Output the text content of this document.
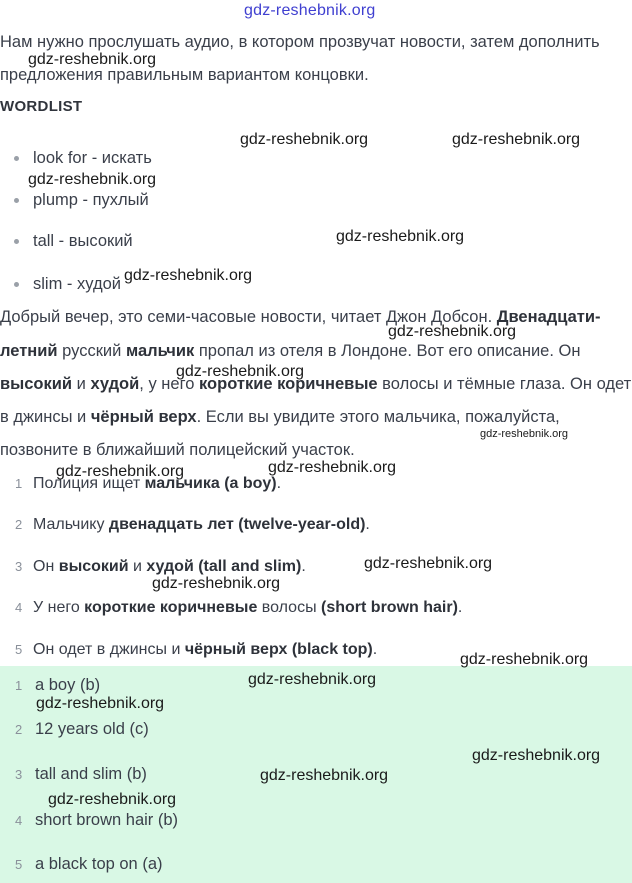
gdz-reshebnik.org
Нам нужно прослушать аудио, в котором прозвучат новости, затем дополнить
предложения правильным вариантом концовки.
WORDLIST
look for - искать
plump - пухлый
tall - высокий
slim - худой
Добрый вечер, это семи-часовые новости, читает Джон Добсон. Двенадцати-
летний русский мальчик пропал из отеля в Лондоне. Вот его описание. Он
высокий и худой, у него короткие коричневые волосы и тёмные глаза. Он одет
в джинсы и чёрный верх. Если вы увидите этого мальчика, пожалуйста,
позвоните в ближайший полицейский участок.
1 Полиция ищет мальчика (a boy).
2 Мальчику двенадцать лет (twelve-year-old).
3 Он высокий и худой (tall and slim).
4 У него короткие коричневые волосы (short brown hair).
5 Он одет в джинсы и чёрный верх (black top).
1 a boy (b)
2 12 years old (c)
3 tall and slim (b)
4 short brown hair (b)
5 a black top on (a)
gdz-reshebnik.org
gdz-reshebnik.org	gdz-reshebnik.org
gdz-reshebnik.org
gdz-reshebnik.org
gdz-reshebnik.org
gdz-reshebnik.org
gdz-reshebnik.org
gdz-reshebnik.org
gdz-reshebnik.org
gdz-reshebnik.org
gdz-reshebnik.org
gdz-reshebnik.org
gdz-reshebnik.org
gdz-reshebnik.org
gdz-reshebnik.org
gdz-reshebnik.org
gdz-reshebnik.org
gdz-reshebnik.org
